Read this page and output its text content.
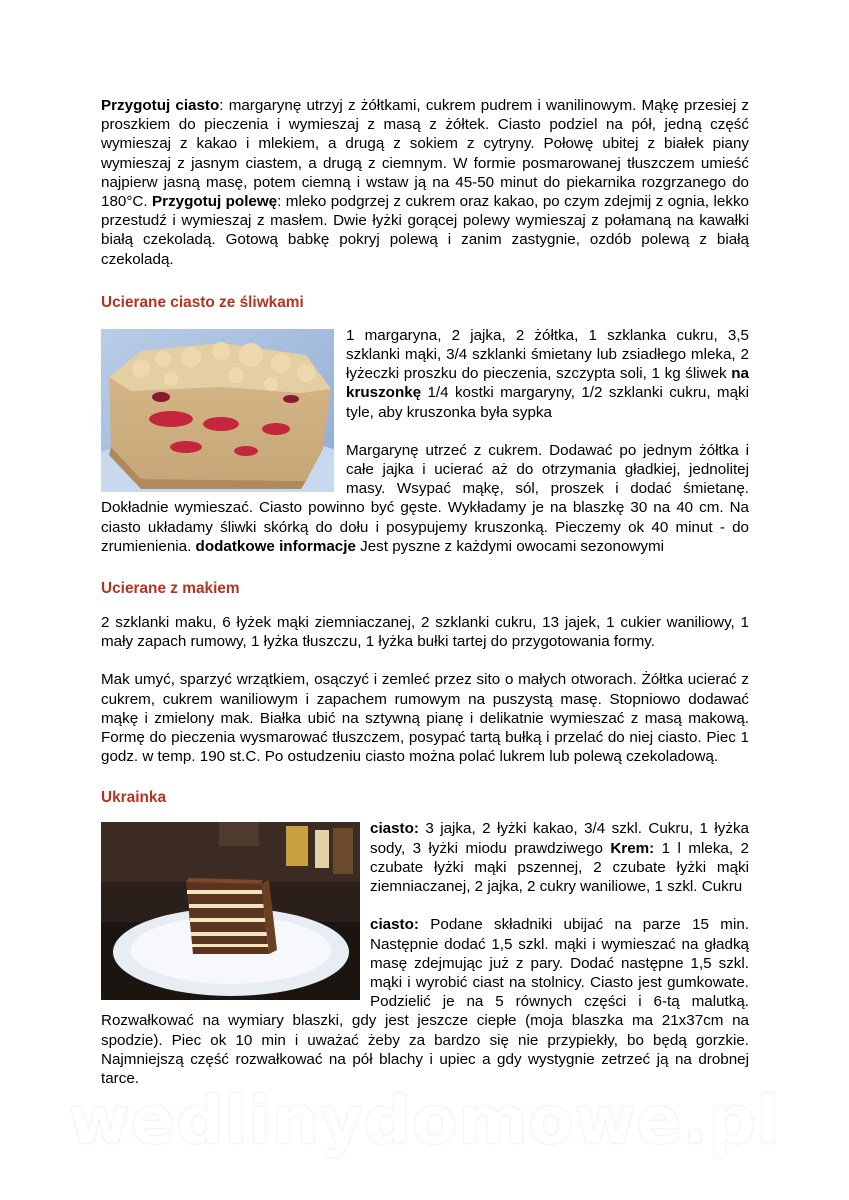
Przygotuj ciasto: margarynę utrzyj z żółtkami, cukrem pudrem i wanilinowym. Mąkę przesiej z proszkiem do pieczenia i wymieszaj z masą z żółtek. Ciasto podziel na pół, jedną część wymieszaj z kakao i mlekiem, a drugą z sokiem z cytryny. Połowę ubitej z białek piany wymieszaj z jasnym ciastem, a drugą z ciemnym. W formie posmarowanej tłuszczem umieść najpierw jasną masę, potem ciemną i wstaw ją na 45-50 minut do piekarnika rozgrzanego do 180°C. Przygotuj polewę: mleko podgrzej z cukrem oraz kakao, po czym zdejmij z ognia, lekko przestudź i wymieszaj z masłem. Dwie łyżki gorącej polewy wymieszaj z połamaną na kawałki białą czekoladą. Gotową babkę pokryj polewą i zanim zastygnie, ozdób polewą z białą czekoladą.

Ucierane ciasto ze śliwkami

1 margaryna, 2 jajka, 2 żółtka, 1 szklanka cukru, 3,5 szklanki mąki, 3/4 szklanki śmietany lub zsiadłego mleka, 2 łyżeczki proszku do pieczenia, szczypta soli, 1 kg śliwek na kruszonkę 1/4 kostki margaryny, 1/2 szklanki cukru, mąki tyle, aby kruszonka była sypka

Margarynę utrzeć z cukrem. Dodawać po jednym żółtka i całe jajka i ucierać aż do otrzymania gładkiej, jednolitej masy. Wsypać mąkę, sól, proszek i dodać śmietanę. Dokładnie wymieszać. Ciasto powinno być gęste. Wykładamy je na blaszkę 30 na 40 cm. Na ciasto układamy śliwki skórką do dołu i posypujemy kruszonką. Pieczemy ok 40 minut - do zrumienienia. dodatkowe informacje Jest pyszne z każdymi owocami sezonowymi

Ucierane z makiem

2 szklanki maku, 6 łyżek mąki ziemniaczanej, 2 szklanki cukru, 13 jajek, 1 cukier waniliowy, 1 mały zapach rumowy, 1 łyżka tłuszczu, 1 łyżka bułki tartej do przygotowania formy.

Mak umyć, sparzyć wrzątkiem, osączyć i zemleć przez sito o małych otworach. Żółtka ucierać z cukrem, cukrem waniliowym i zapachem rumowym na puszystą masę. Stopniowo dodawać mąkę i zmielony mak. Białka ubić na sztywną pianę i delikatnie wymieszać z masą makową. Formę do pieczenia wysmarować tłuszczem, posypać tartą bułką i przelać do niej ciasto. Piec 1 godz. w temp. 190 st.C. Po ostudzeniu ciasto można polać lukrem lub polewą czekoladową.

Ukrainka

ciasto: 3 jajka, 2 łyżki kakao, 3/4 szkl. Cukru, 1 łyżka sody, 3 łyżki miodu prawdziwego Krem: 1 l mleka, 2 czubate łyżki mąki pszennej, 2 czubate łyżki mąki ziemniaczanej, 2 jajka, 2 cukry waniliowe, 1 szkl. Cukru

ciasto: Podane składniki ubijać na parze 15 min. Następnie dodać 1,5 szkl. mąki i wymieszać na gładką masę zdejmując już z pary. Dodać następne 1,5 szkl. mąki i wyrobić ciast na stolnicy. Ciasto jest gumkowate. Podzielić je na 5 równych części i 6-tą malutką. Rozwałkować na wymiary blaszki, gdy jest jeszcze ciepłe (moja blaszka ma 21x37cm na spodzie). Piec ok 10 min i uważać żeby za bardzo się nie przypiekły, bo będą gorzkie. Najmniejszą część rozwałkować na pół blachy i upiec a gdy wystygnie zetrzeć ją na drobnej tarce.

wedlinydomowe.pl
